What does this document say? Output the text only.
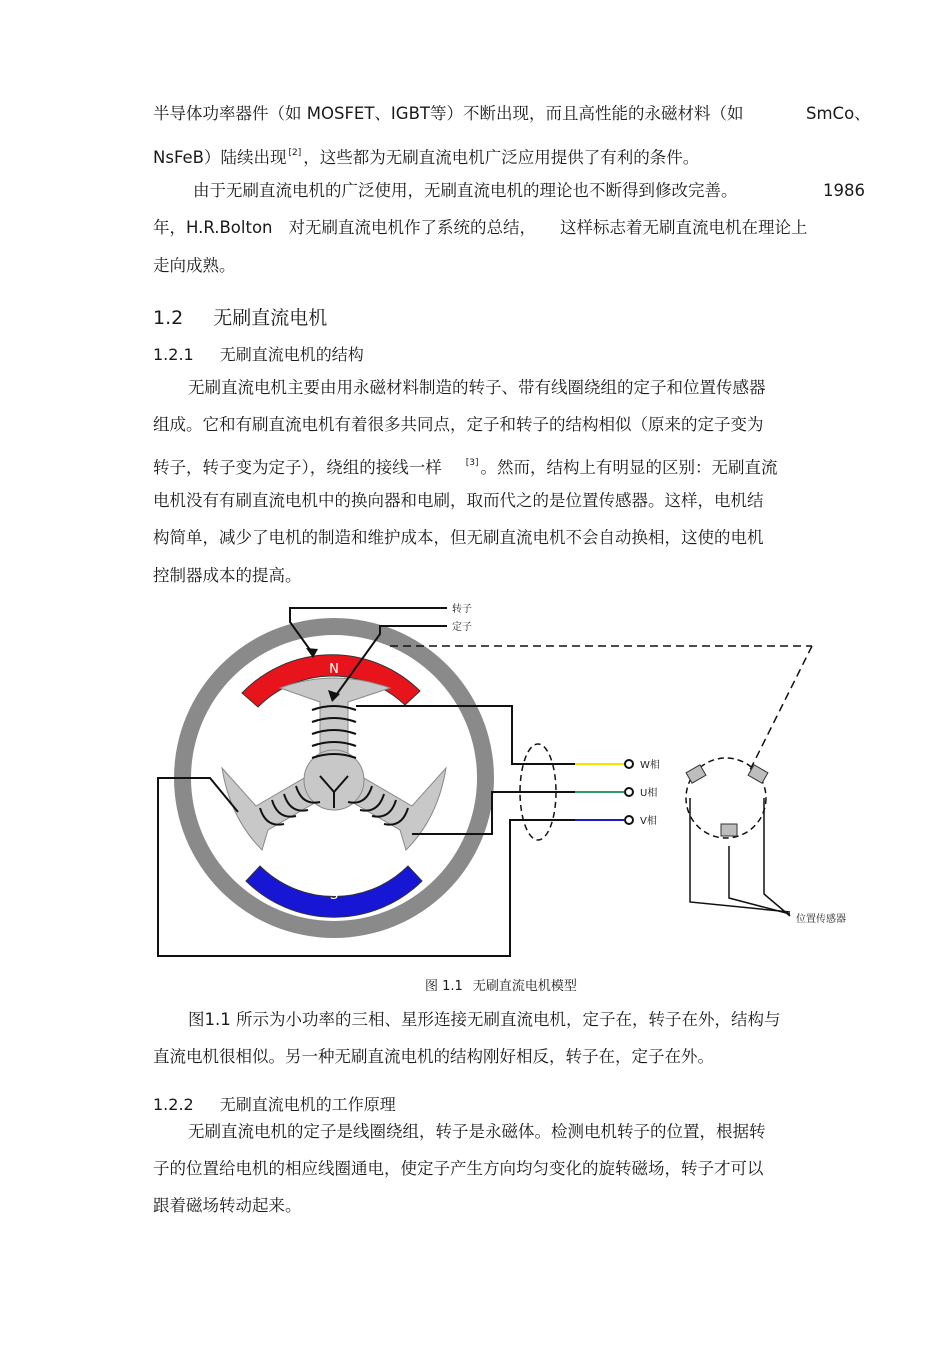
半导体功率器件（如 MOSFET、IGBT等）不断出现，而且高性能的永磁材料（如	SmCo、
NsFeB）陆续出现 [2] ，这些都为无刷直流电机广泛应用提供了有利的条件。
由于无刷直流电机的广泛使用，无刷直流电机的理论也不断得到修改完善。	1986
年，H.R.Bolton 对无刷直流电机作了系统的总结， 这样标志着无刷直流电机在理论上
走向成熟。
1.2 无刷直流电机
1.2.1 无刷直流电机的结构
无刷直流电机主要由用永磁材料制造的转子、带有线圈绕组的定子和位置传感器
组成。它和有刷直流电机有着很多共同点，定子和转子的结构相似（原来的定子变为
转子，转子变为定子），绕组的接线一样	[3] 。然而，结构上有明显的区别：无刷直流
电机没有有刷直流电机中的换向器和电刷，取而代之的是位置传感器。这样，电机结
构简单，减少了电机的制造和维护成本，但无刷直流电机不会自动换相，这使的电机
控制器成本的提高。
N
S
W相
U相
V相
转子
定子
位置传感器
图 1.1 无刷直流电机模型
图1.1 所示为小功率的三相、星形连接无刷直流电机，定子在，转子在外，结构与
直流电机很相似。另一种无刷直流电机的结构刚好相反，转子在，定子在外。
1.2.2 无刷直流电机的工作原理
无刷直流电机的定子是线圈绕组，转子是永磁体。检测电机转子的位置，根据转
子的位置给电机的相应线圈通电，使定子产生方向均匀变化的旋转磁场，转子才可以
跟着磁场转动起来。
